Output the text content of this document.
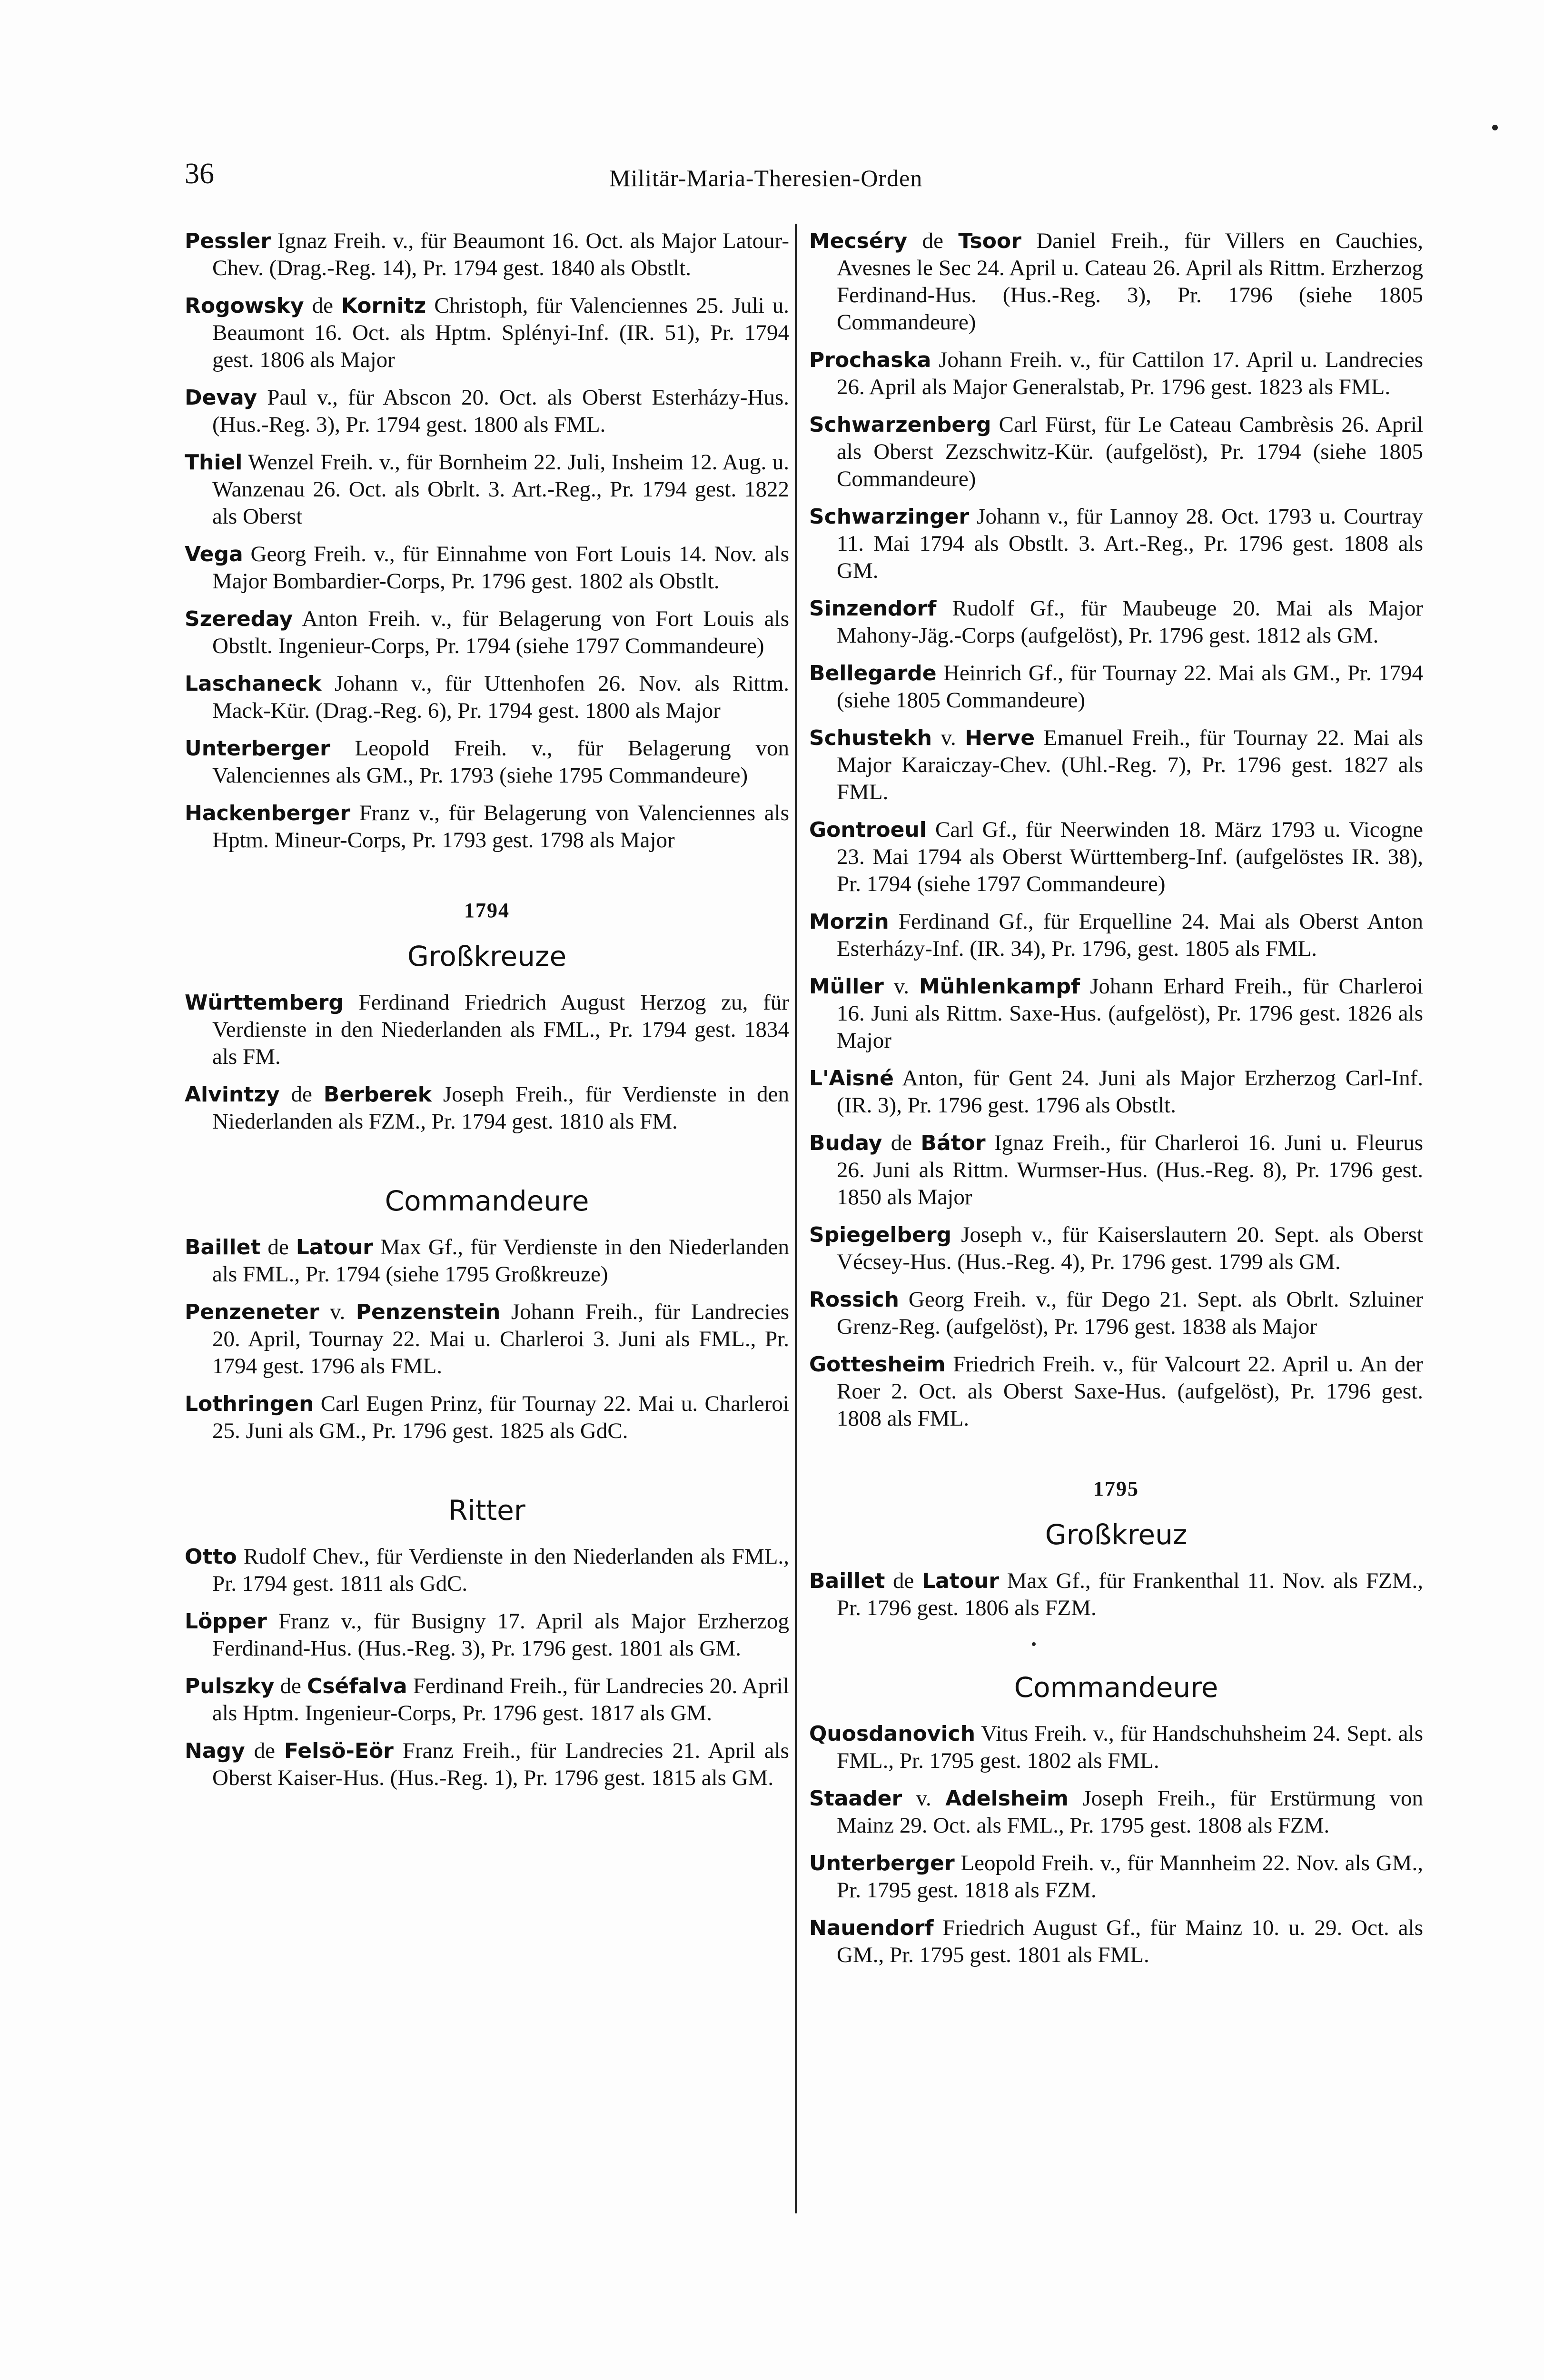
36	Militär-Maria-Theresien-Orden
Pessler Ignaz Freih. v., für Beaumont 16. Oct. als Major Latour-Chev. (Drag.-Reg. 14), Pr. 1794 gest. 1840 als Obstlt.
Rogowsky de Kornitz Christoph, für Valenciennes 25. Juli u. Beaumont 16. Oct. als Hptm. Splényi-Inf. (IR. 51), Pr. 1794 gest. 1806 als Major
Devay Paul v., für Abscon 20. Oct. als Oberst Esterházy-Hus. (Hus.-Reg. 3), Pr. 1794 gest. 1800 als FML.
Thiel Wenzel Freih. v., für Bornheim 22. Juli, Insheim 12. Aug. u. Wanzenau 26. Oct. als Obrlt. 3. Art.-Reg., Pr. 1794 gest. 1822 als Oberst
Vega Georg Freih. v., für Einnahme von Fort Louis 14. Nov. als Major Bombardier-Corps, Pr. 1796 gest. 1802 als Obstlt.
Szereday Anton Freih. v., für Belagerung von Fort Louis als Obstlt. Ingenieur-Corps, Pr. 1794 (siehe 1797 Commandeure)
Laschaneck Johann v., für Uttenhofen 26. Nov. als Rittm. Mack-Kür. (Drag.-Reg. 6), Pr. 1794 gest. 1800 als Major
Unterberger Leopold Freih. v., für Belagerung von Valenciennes als GM., Pr. 1793 (siehe 1795 Commandeure)
Hackenberger Franz v., für Belagerung von Valenciennes als Hptm. Mineur-Corps, Pr. 1793 gest. 1798 als Major
1794
Großkreuze
Württemberg Ferdinand Friedrich August Herzog zu, für Verdienste in den Niederlanden als FML., Pr. 1794 gest. 1834 als FM.
Alvintzy de Berberek Joseph Freih., für Verdienste in den Niederlanden als FZM., Pr. 1794 gest. 1810 als FM.
Commandeure
Baillet de Latour Max Gf., für Verdienste in den Niederlanden als FML., Pr. 1794 (siehe 1795 Großkreuze)
Penzeneter v. Penzenstein Johann Freih., für Landrecies 20. April, Tournay 22. Mai u. Charleroi 3. Juni als FML., Pr. 1794 gest. 1796 als FML.
Lothringen Carl Eugen Prinz, für Tournay 22. Mai u. Charleroi 25. Juni als GM., Pr. 1796 gest. 1825 als GdC.
Ritter
Otto Rudolf Chev., für Verdienste in den Niederlanden als FML., Pr. 1794 gest. 1811 als GdC.
Löpper Franz v., für Busigny 17. April als Major Erzherzog Ferdinand-Hus. (Hus.-Reg. 3), Pr. 1796 gest. 1801 als GM.
Pulszky de Cséfalva Ferdinand Freih., für Landrecies 20. April als Hptm. Ingenieur-Corps, Pr. 1796 gest. 1817 als GM.
Nagy de Felsö-Eör Franz Freih., für Landrecies 21. April als Oberst Kaiser-Hus. (Hus.-Reg. 1), Pr. 1796 gest. 1815 als GM.
Mecséry de Tsoor Daniel Freih., für Villers en Cauchies, Avesnes le Sec 24. April u. Cateau 26. April als Rittm. Erzherzog Ferdinand-Hus. (Hus.-Reg. 3), Pr. 1796 (siehe 1805 Commandeure)
Prochaska Johann Freih. v., für Cattilon 17. April u. Landrecies 26. April als Major Generalstab, Pr. 1796 gest. 1823 als FML.
Schwarzenberg Carl Fürst, für Le Cateau Cambrèsis 26. April als Oberst Zezschwitz-Kür. (aufgelöst), Pr. 1794 (siehe 1805 Commandeure)
Schwarzinger Johann v., für Lannoy 28. Oct. 1793 u. Courtray 11. Mai 1794 als Obstlt. 3. Art.-Reg., Pr. 1796 gest. 1808 als GM.
Sinzendorf Rudolf Gf., für Maubeuge 20. Mai als Major Mahony-Jäg.-Corps (aufgelöst), Pr. 1796 gest. 1812 als GM.
Bellegarde Heinrich Gf., für Tournay 22. Mai als GM., Pr. 1794 (siehe 1805 Commandeure)
Schustekh v. Herve Emanuel Freih., für Tournay 22. Mai als Major Karaiczay-Chev. (Uhl.-Reg. 7), Pr. 1796 gest. 1827 als FML.
Gontroeul Carl Gf., für Neerwinden 18. März 1793 u. Vicogne 23. Mai 1794 als Oberst Württemberg-Inf. (aufgelöstes IR. 38), Pr. 1794 (siehe 1797 Commandeure)
Morzin Ferdinand Gf., für Erquelline 24. Mai als Oberst Anton Esterházy-Inf. (IR. 34), Pr. 1796, gest. 1805 als FML.
Müller v. Mühlenkampf Johann Erhard Freih., für Charleroi 16. Juni als Rittm. Saxe-Hus. (aufgelöst), Pr. 1796 gest. 1826 als Major
L'Aisné Anton, für Gent 24. Juni als Major Erzherzog Carl-Inf. (IR. 3), Pr. 1796 gest. 1796 als Obstlt.
Buday de Bátor Ignaz Freih., für Charleroi 16. Juni u. Fleurus 26. Juni als Rittm. Wurmser-Hus. (Hus.-Reg. 8), Pr. 1796 gest. 1850 als Major
Spiegelberg Joseph v., für Kaiserslautern 20. Sept. als Oberst Vécsey-Hus. (Hus.-Reg. 4), Pr. 1796 gest. 1799 als GM.
Rossich Georg Freih. v., für Dego 21. Sept. als Obrlt. Szluiner Grenz-Reg. (aufgelöst), Pr. 1796 gest. 1838 als Major
Gottesheim Friedrich Freih. v., für Valcourt 22. April u. An der Roer 2. Oct. als Oberst Saxe-Hus. (aufgelöst), Pr. 1796 gest. 1808 als FML.
1795
Großkreuz
Baillet de Latour Max Gf., für Frankenthal 11. Nov. als FZM., Pr. 1796 gest. 1806 als FZM.
Commandeure
Quosdanovich Vitus Freih. v., für Handschuhsheim 24. Sept. als FML., Pr. 1795 gest. 1802 als FML.
Staader v. Adelsheim Joseph Freih., für Erstürmung von Mainz 29. Oct. als FML., Pr. 1795 gest. 1808 als FZM.
Unterberger Leopold Freih. v., für Mannheim 22. Nov. als GM., Pr. 1795 gest. 1818 als FZM.
Nauendorf Friedrich August Gf., für Mainz 10. u. 29. Oct. als GM., Pr. 1795 gest. 1801 als FML.
